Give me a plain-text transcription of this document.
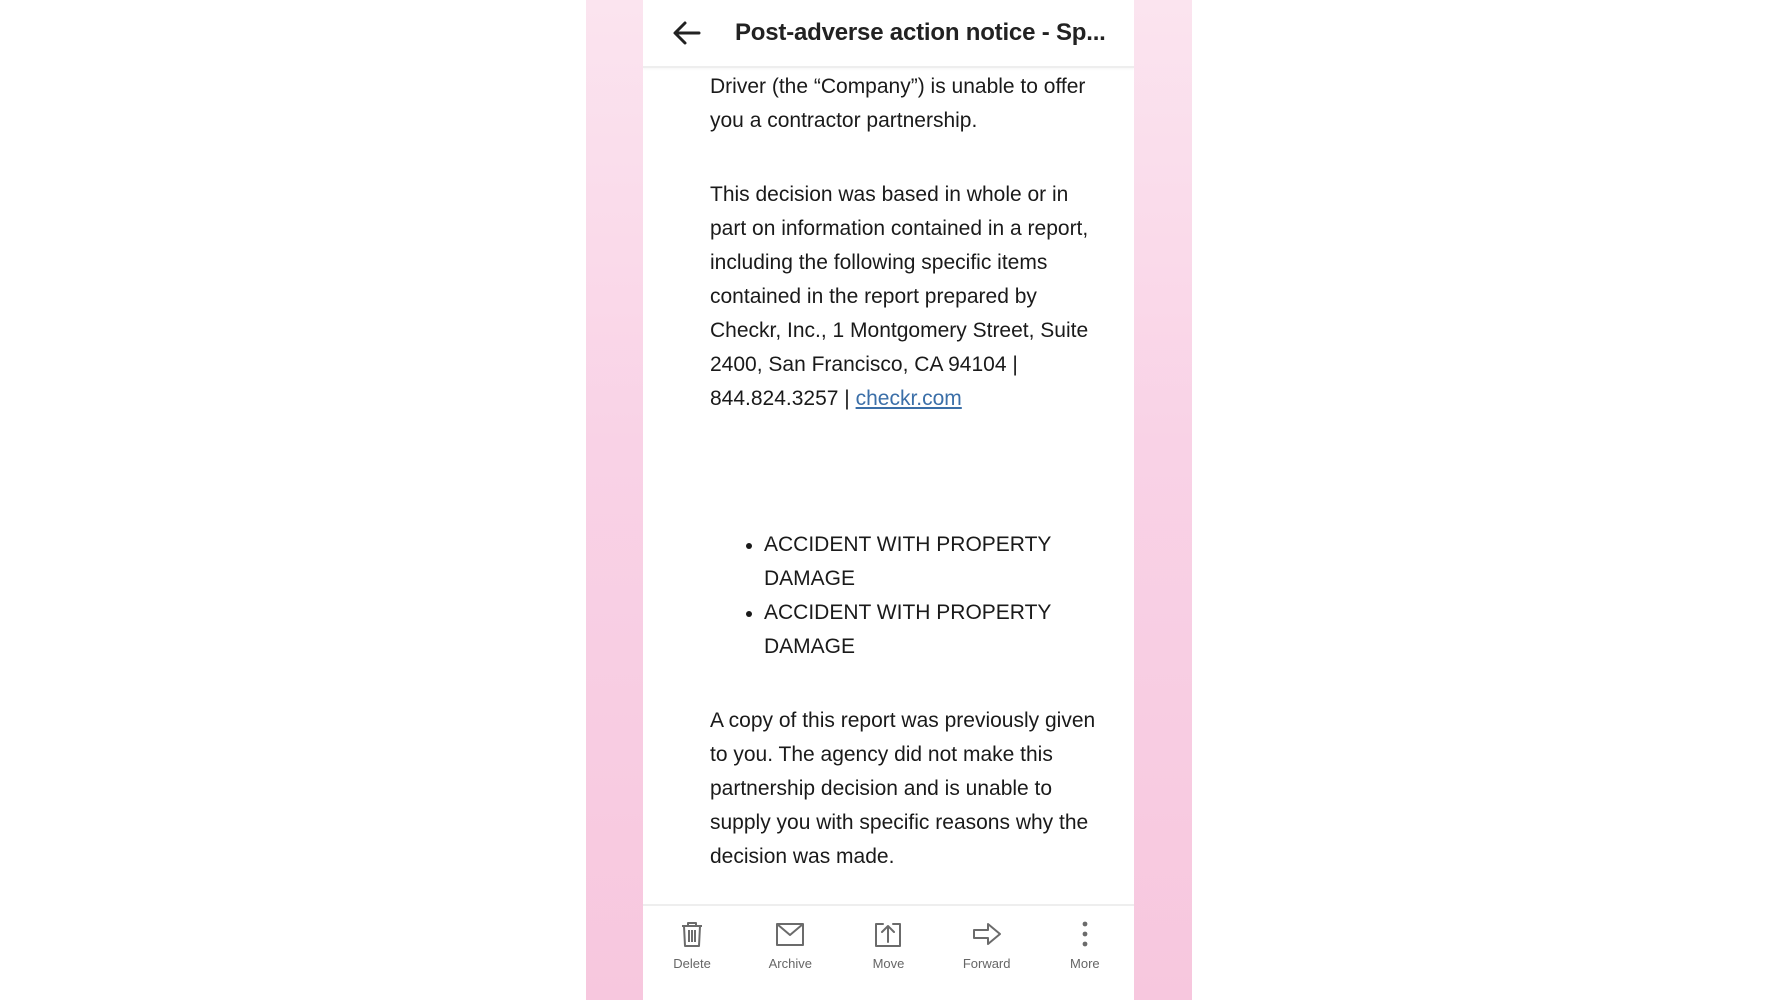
Post-adverse action notice - Sp...

Driver (the “Company”) is unable to offer you a contractor partnership.

This decision was based in whole or in part on information contained in a report, including the following specific items contained in the report prepared by Checkr, Inc., 1 Montgomery Street, Suite 2400, San Francisco, CA 94104 | 844.824.3257 | checkr.com

ACCIDENT WITH PROPERTY DAMAGE
ACCIDENT WITH PROPERTY DAMAGE

A copy of this report was previously given to you. The agency did not make this partnership decision and is unable to supply you with specific reasons why the decision was made.

Delete	Archive	Move	Forward	More
